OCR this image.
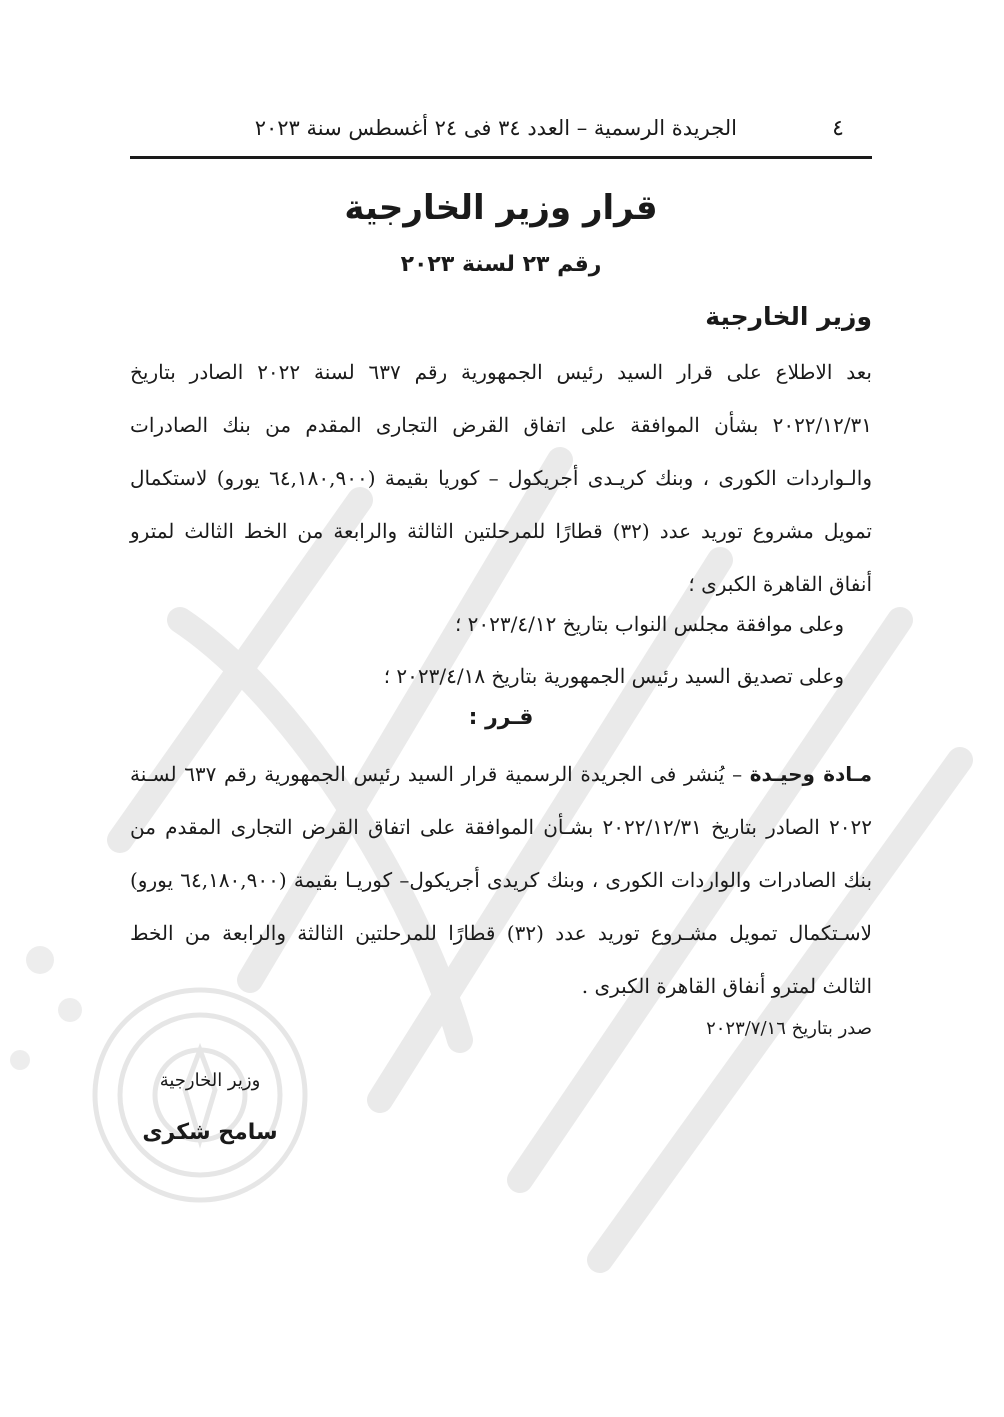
٤
الجريدة الرسمية – العدد ٣٤ فى ٢٤ أغسطس سنة ٢٠٢٣
قرار وزير الخارجية
رقم ٢٣ لسنة ٢٠٢٣
وزير الخارجية
بعد الاطلاع على قرار السيد رئيس الجمهورية رقم ٦٣٧ لسنة ٢٠٢٢ الصادر بتاريخ ٢٠٢٢/١٢/٣١ بشأن الموافقة على اتفاق القرض التجارى المقدم من بنك الصادرات والـواردات الكورى ، وبنك كريـدى أجريكول – كوريا بقيمة (٦٤,١٨٠,٩٠٠ يورو) لاستكمال تمويل مشروع توريد عدد (٣٢) قطارًا للمرحلتين الثالثة والرابعة من الخط الثالث لمترو أنفاق القاهرة الكبرى ؛
وعلى موافقة مجلس النواب بتاريخ ٢٠٢٣/٤/١٢ ؛
وعلى تصديق السيد رئيس الجمهورية بتاريخ ٢٠٢٣/٤/١٨ ؛
قـرر :
مـادة وحيـدة – يُنشر فى الجريدة الرسمية قرار السيد رئيس الجمهورية رقم ٦٣٧ لسـنة ٢٠٢٢ الصادر بتاريخ ٢٠٢٢/١٢/٣١ بشـأن الموافقة على اتفاق القرض التجارى المقدم من بنك الصادرات والواردات الكورى ، وبنك كريدى أجريكول– كوريـا بقيمة (٦٤,١٨٠,٩٠٠ يورو) لاسـتكمال تمويل مشـروع توريد عدد (٣٢) قطارًا للمرحلتين الثالثة والرابعة من الخط الثالث لمترو أنفاق القاهرة الكبرى .
صدر بتاريخ ٢٠٢٣/٧/١٦
وزير الخارجية
سامح شكرى
